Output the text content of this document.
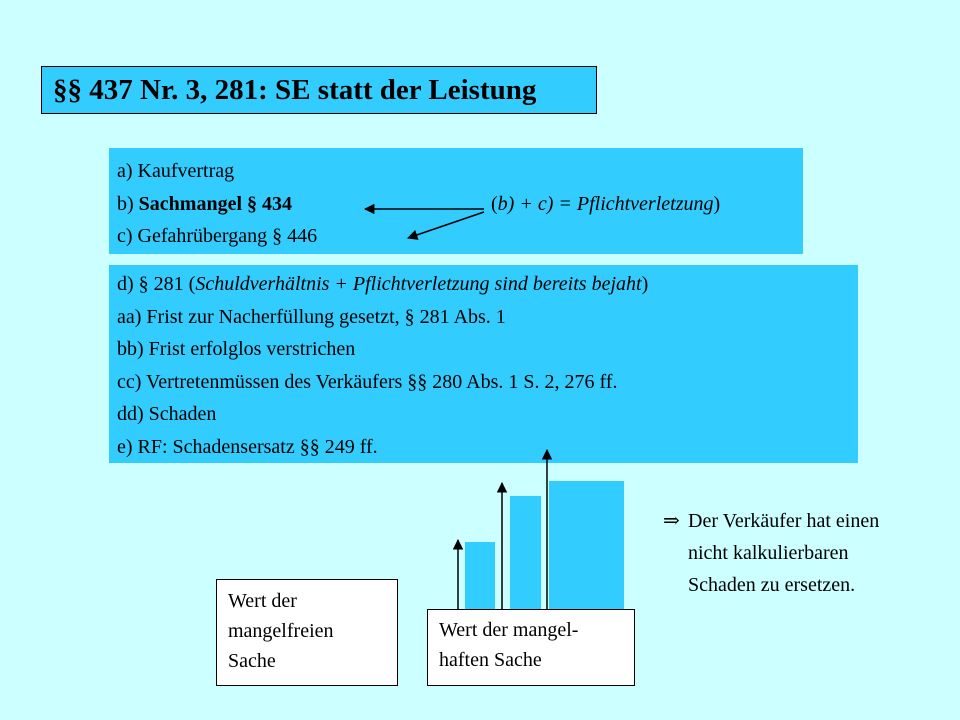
§§ 437 Nr. 3, 281: SE statt der Leistung
a) Kaufvertrag
b) Sachmangel § 434	(b) + c) = Pflichtverletzung)
c) Gefahrübergang § 446
d) § 281 (Schuldverhältnis + Pflichtverletzung sind bereits bejaht)
aa) Frist zur Nacherfüllung gesetzt, § 281 Abs. 1
bb) Frist erfolglos verstrichen
cc) Vertretenmüssen des Verkäufers §§ 280 Abs. 1 S. 2, 276 ff.
dd) Schaden
e) RF: Schadensersatz §§ 249 ff.
Wert der
mangelfreien
Sache
Wert der mangel-
haften Sache
⇒ Der Verkäufer hat einen
nicht kalkulierbaren
Schaden zu ersetzen.
